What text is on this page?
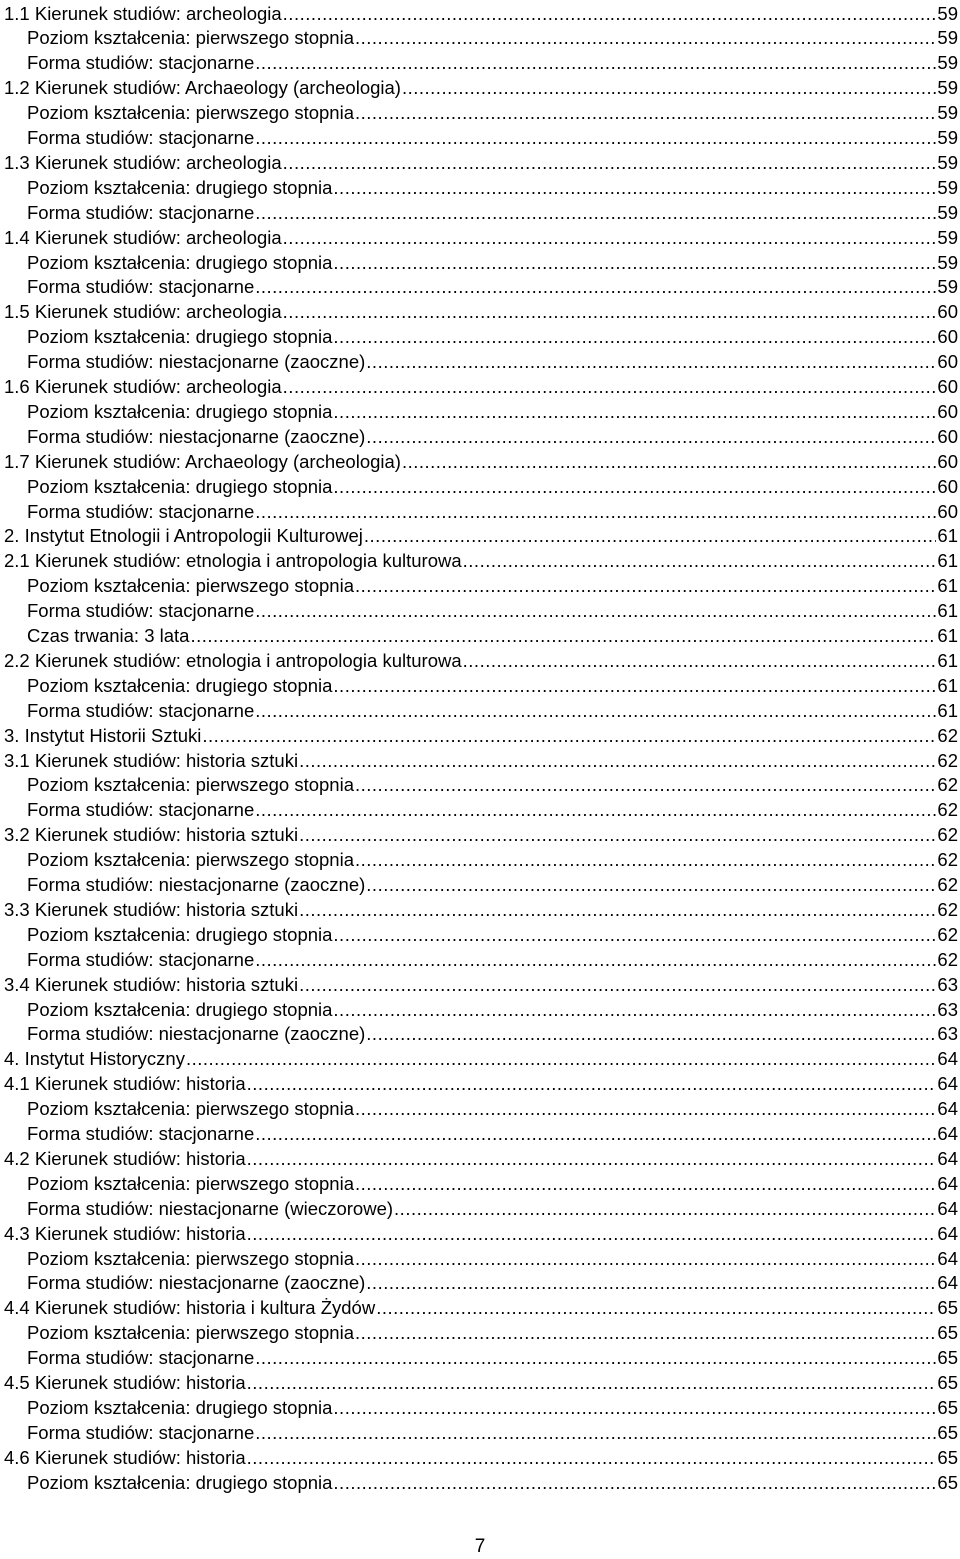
1.1 Kierunek studiów: archeologia .....	59
Poziom kształcenia: pierwszego stopnia .....	59
Forma studiów: stacjonarne .....	59
1.2 Kierunek studiów: Archaeology (archeologia) .....	59
Poziom kształcenia: pierwszego stopnia .....	59
Forma studiów: stacjonarne .....	59
1.3 Kierunek studiów: archeologia .....	59
Poziom kształcenia: drugiego stopnia .....	59
Forma studiów: stacjonarne .....	59
1.4 Kierunek studiów: archeologia .....	59
Poziom kształcenia: drugiego stopnia .....	59
Forma studiów: stacjonarne .....	59
1.5 Kierunek studiów: archeologia .....	60
Poziom kształcenia: drugiego stopnia .....	60
Forma studiów: niestacjonarne (zaoczne) .....	60
1.6 Kierunek studiów: archeologia .....	60
Poziom kształcenia: drugiego stopnia .....	60
Forma studiów: niestacjonarne (zaoczne) .....	60
1.7 Kierunek studiów: Archaeology (archeologia) .....	60
Poziom kształcenia: drugiego stopnia .....	60
Forma studiów: stacjonarne .....	60
2. Instytut Etnologii i Antropologii Kulturowej .....	61
2.1 Kierunek studiów: etnologia i antropologia kulturowa .....	61
Poziom kształcenia: pierwszego stopnia .....	61
Forma studiów: stacjonarne .....	61
Czas trwania: 3 lata .....	61
2.2 Kierunek studiów: etnologia i antropologia kulturowa .....	61
Poziom kształcenia: drugiego stopnia .....	61
Forma studiów: stacjonarne .....	61
3. Instytut Historii Sztuki .....	62
3.1 Kierunek studiów: historia sztuki .....	62
Poziom kształcenia: pierwszego stopnia .....	62
Forma studiów: stacjonarne .....	62
3.2 Kierunek studiów: historia sztuki .....	62
Poziom kształcenia: pierwszego stopnia .....	62
Forma studiów: niestacjonarne (zaoczne) .....	62
3.3 Kierunek studiów: historia sztuki .....	62
Poziom kształcenia: drugiego stopnia .....	62
Forma studiów: stacjonarne .....	62
3.4 Kierunek studiów: historia sztuki .....	63
Poziom kształcenia: drugiego stopnia .....	63
Forma studiów: niestacjonarne (zaoczne) .....	63
4. Instytut Historyczny .....	64
4.1 Kierunek studiów: historia .....	64
Poziom kształcenia: pierwszego stopnia .....	64
Forma studiów: stacjonarne .....	64
4.2 Kierunek studiów: historia .....	64
Poziom kształcenia: pierwszego stopnia .....	64
Forma studiów: niestacjonarne (wieczorowe) .....	64
4.3 Kierunek studiów: historia .....	64
Poziom kształcenia: pierwszego stopnia .....	64
Forma studiów: niestacjonarne (zaoczne) .....	64
4.4 Kierunek studiów: historia i kultura Żydów .....	65
Poziom kształcenia: pierwszego stopnia .....	65
Forma studiów: stacjonarne .....	65
4.5 Kierunek studiów: historia .....	65
Poziom kształcenia: drugiego stopnia .....	65
Forma studiów: stacjonarne .....	65
4.6 Kierunek studiów: historia .....	65
Poziom kształcenia: drugiego stopnia .....	65
7
